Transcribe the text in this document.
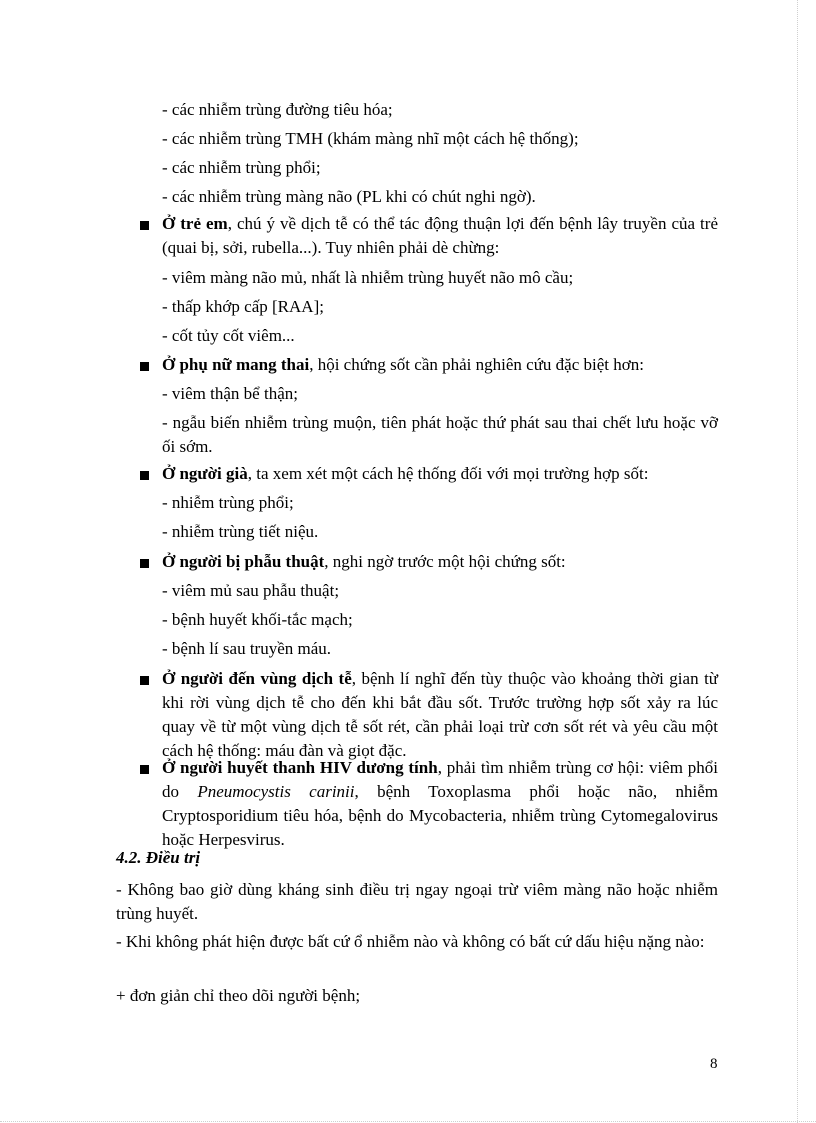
- các nhiễm trùng đường tiêu hóa;
- các nhiễm trùng TMH (khám màng nhĩ một cách hệ thống);
- các nhiễm trùng phổi;
- các nhiễm trùng màng não (PL khi có chút nghi ngờ).
Ở trẻ em, chú ý về dịch tễ có thể tác động thuận lợi đến bệnh lây truyền của trẻ (quai bị, sởi, rubella...). Tuy nhiên phải dè chừng:
- viêm màng não mủ, nhất là nhiễm trùng huyết não mô cầu;
- thấp khớp cấp [RAA];
- cốt tủy cốt viêm...
Ở phụ nữ mang thai, hội chứng sốt cần phải nghiên cứu đặc biệt hơn:
- viêm thận bể thận;
- ngẫu biến nhiễm trùng muộn, tiên phát hoặc thứ phát sau thai chết lưu hoặc vỡ ối sớm.
Ở người già, ta xem xét một cách hệ thống đối với mọi trường hợp sốt:
- nhiễm trùng phổi;
- nhiễm trùng tiết niệu.
Ở người bị phẫu thuật, nghi ngờ trước một hội chứng sốt:
- viêm mủ sau phẫu thuật;
- bệnh huyết khối-tắc mạch;
- bệnh lí sau truyền máu.
Ở người đến vùng dịch tễ, bệnh lí nghĩ đến tùy thuộc vào khoảng thời gian từ khi rời vùng dịch tễ cho đến khi bắt đầu sốt. Trước trường hợp sốt xảy ra lúc quay về từ một vùng dịch tễ sốt rét, cần phải loại trừ cơn sốt rét và yêu cầu một cách hệ thống: máu đàn và giọt đặc.
Ở người huyết thanh HIV dương tính, phải tìm nhiễm trùng cơ hội: viêm phổi do Pneumocystis carinii, bệnh Toxoplasma phổi hoặc não, nhiễm Cryptosporidium tiêu hóa, bệnh do Mycobacteria, nhiễm trùng Cytomegalovirus hoặc Herpesvirus.
4.2. Điều trị
- Không bao giờ dùng kháng sinh điều trị ngay ngoại trừ viêm màng não hoặc nhiễm trùng huyết.
- Khi không phát hiện được bất cứ ổ nhiễm nào và không có bất cứ dấu hiệu nặng nào:
+ đơn giản chỉ theo dõi người bệnh;
8
